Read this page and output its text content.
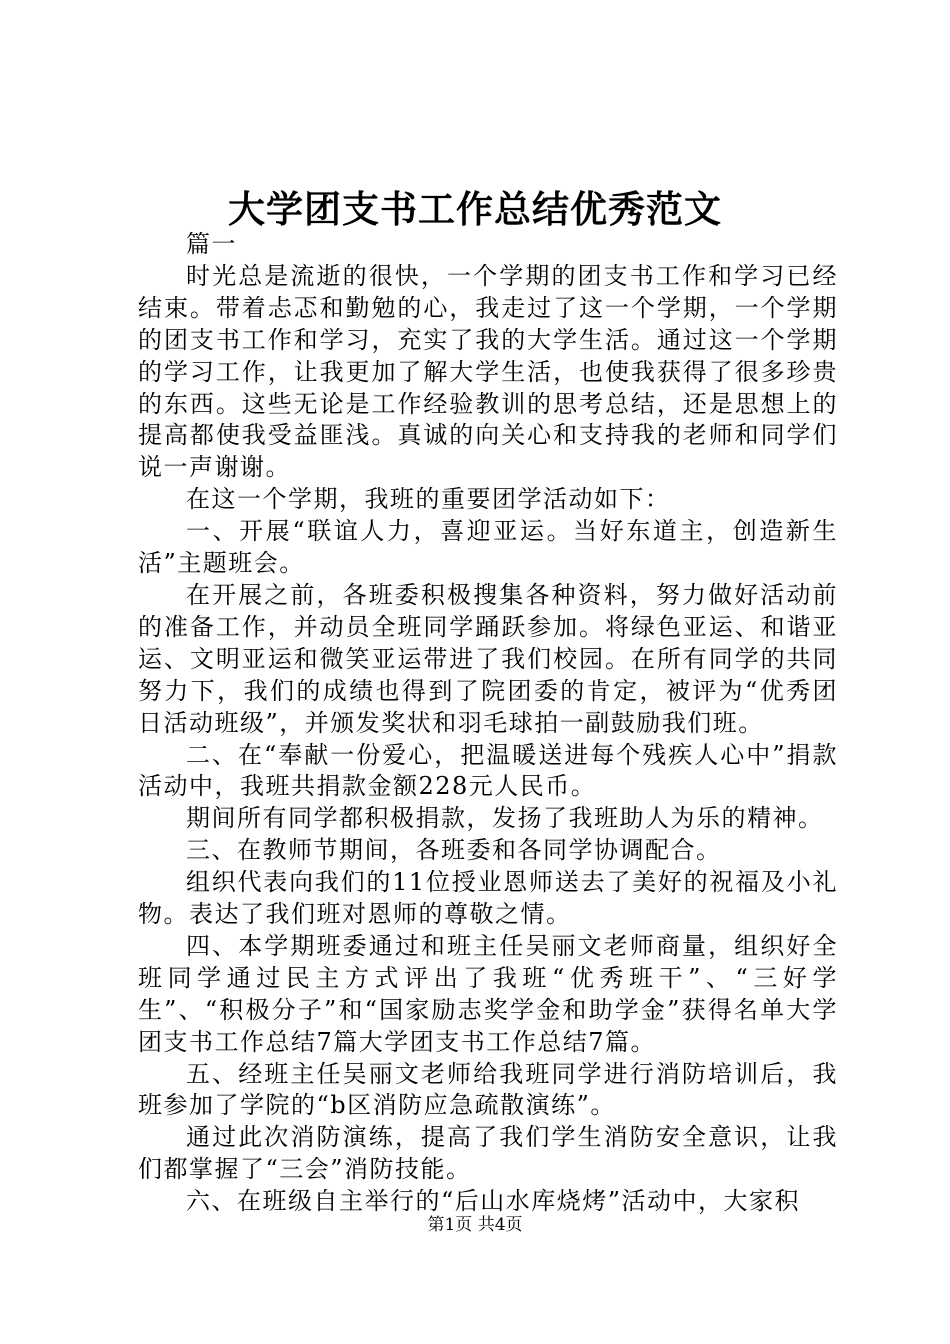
大学团支书工作总结优秀范文

篇一

时光总是流逝的很快，一个学期的团支书工作和学习已经结束。带着忐忑和勤勉的心，我走过了这一个学期，一个学期的团支书工作和学习，充实了我的大学生活。通过这一个学期的学习工作，让我更加了解大学生活，也使我获得了很多珍贵的东西。这些无论是工作经验教训的思考总结，还是思想上的提高都使我受益匪浅。真诚的向关心和支持我的老师和同学们说一声谢谢。

在这一个学期，我班的重要团学活动如下：

一、开展“联谊人力，喜迎亚运。当好东道主，创造新生活”主题班会。

在开展之前，各班委积极搜集各种资料，努力做好活动前的准备工作，并动员全班同学踊跃参加。将绿色亚运、和谐亚运、文明亚运和微笑亚运带进了我们校园。在所有同学的共同努力下，我们的成绩也得到了院团委的肯定，被评为“优秀团日活动班级”，并颁发奖状和羽毛球拍一副鼓励我们班。

二、在“奉献一份爱心，把温暖送进每个残疾人心中”捐款活动中，我班共捐款金额228元人民币。

期间所有同学都积极捐款，发扬了我班助人为乐的精神。

三、在教师节期间，各班委和各同学协调配合。

组织代表向我们的11位授业恩师送去了美好的祝福及小礼物。表达了我们班对恩师的尊敬之情。

四、本学期班委通过和班主任吴丽文老师商量，组织好全班同学通过民主方式评出了我班“优秀班干”、“三好学生”、“积极分子”和“国家励志奖学金和助学金”获得名单大学团支书工作总结7篇大学团支书工作总结7篇。

五、经班主任吴丽文老师给我班同学进行消防培训后，我班参加了学院的“b区消防应急疏散演练”。

通过此次消防演练，提高了我们学生消防安全意识，让我们都掌握了“三会”消防技能。

六、在班级自主举行的“后山水库烧烤”活动中，大家积

第1页 共4页
